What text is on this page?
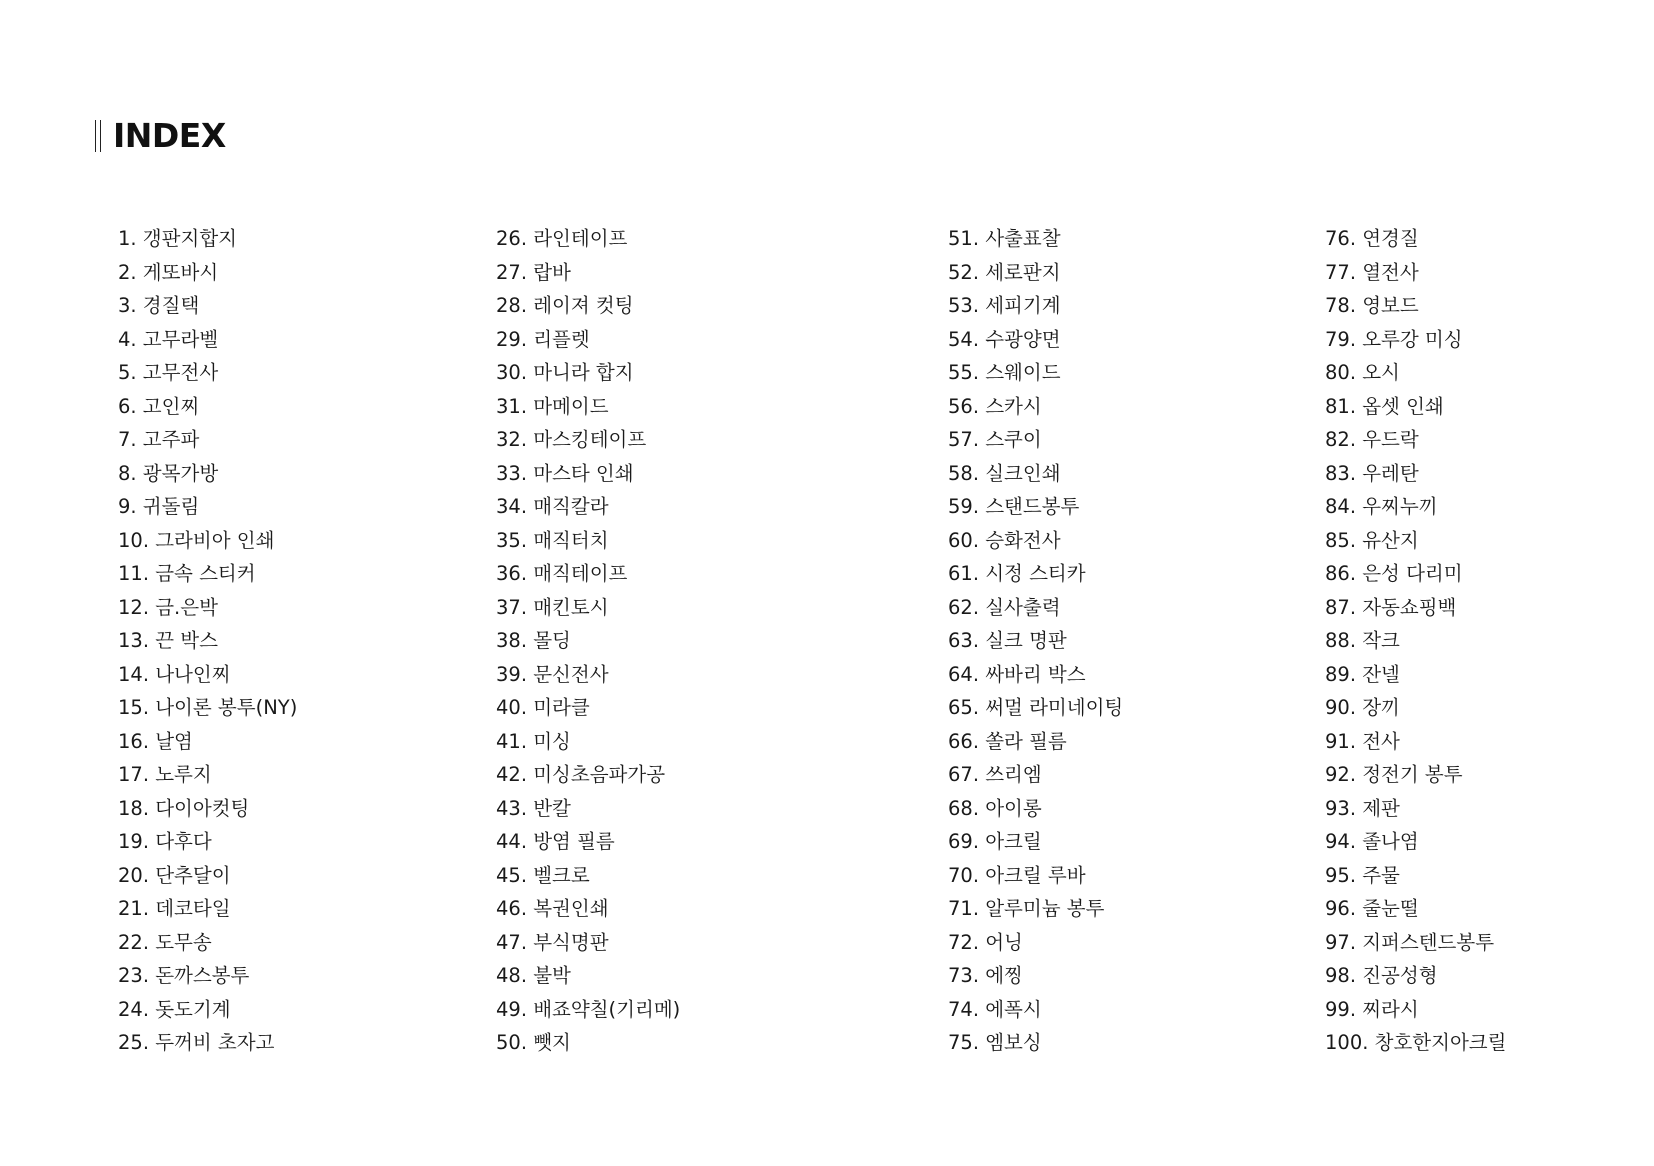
INDEX
1. 갱판지합지
2. 게또바시
3. 경질택
4. 고무라벨
5. 고무전사
6. 고인찌
7. 고주파
8. 광목가방
9. 귀돌림
10. 그라비아 인쇄
11. 금속 스티커
12. 금.은박
13. 끈 박스
14. 나나인찌
15. 나이론 봉투(NY)
16. 날염
17. 노루지
18. 다이아컷팅
19. 다후다
20. 단추달이
21. 데코타일
22. 도무송
23. 돈까스봉투
24. 돗도기계
25. 두꺼비 초자고
26. 라인테이프
27. 랍바
28. 레이져 컷팅
29. 리플렛
30. 마니라 합지
31. 마메이드
32. 마스킹테이프
33. 마스타 인쇄
34. 매직칼라
35. 매직터치
36. 매직테이프
37. 매킨토시
38. 몰딩
39. 문신전사
40. 미라클
41. 미싱
42. 미싱초음파가공
43. 반칼
44. 방염 필름
45. 벨크로
46. 복권인쇄
47. 부식명판
48. 불박
49. 배죠약칠(기리메)
50. 뺏지
51. 사출표찰
52. 세로판지
53. 세피기계
54. 수광양면
55. 스웨이드
56. 스카시
57. 스쿠이
58. 실크인쇄
59. 스탠드봉투
60. 승화전사
61. 시정 스티카
62. 실사출력
63. 실크 명판
64. 싸바리 박스
65. 써멀 라미네이팅
66. 쏠라 필름
67. 쓰리엠
68. 아이롱
69. 아크릴
70. 아크릴 루바
71. 알루미늄 봉투
72. 어닝
73. 에찡
74. 에폭시
75. 엠보싱
76. 연경질
77. 열전사
78. 영보드
79. 오루강 미싱
80. 오시
81. 옵셋 인쇄
82. 우드락
83. 우레탄
84. 우찌누끼
85. 유산지
86. 은성 다리미
87. 자동쇼핑백
88. 작크
89. 잔넬
90. 장끼
91. 전사
92. 정전기 봉투
93. 제판
94. 졸나염
95. 주물
96. 줄눈떨
97. 지퍼스텐드봉투
98. 진공성형
99. 찌라시
100. 창호한지아크릴
